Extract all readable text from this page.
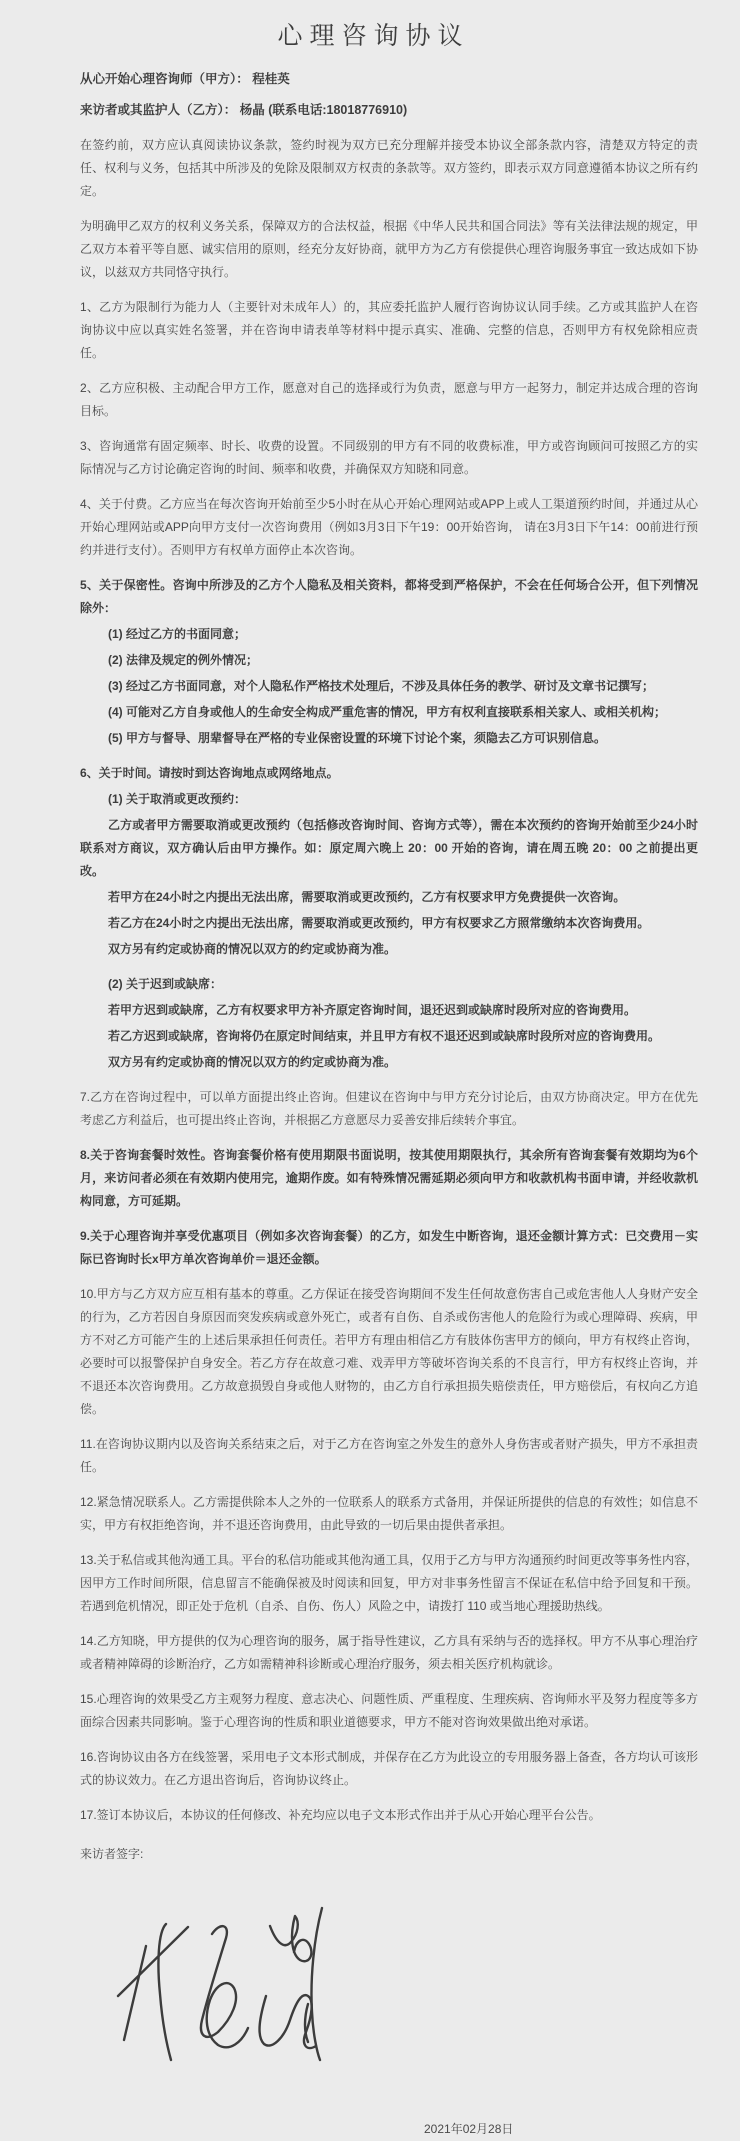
心理咨询协议

从心开始心理咨询师（甲方）： 程桂英

来访者或其监护人（乙方）： 杨晶 (联系电话:18018776910)

在签约前，双方应认真阅读协议条款，签约时视为双方已充分理解并接受本协议全部条款内容，清楚双方特定的责任、权利与义务，包括其中所涉及的免除及限制双方权责的条款等。双方签约，即表示双方同意遵循本协议之所有约定。

为明确甲乙双方的权利义务关系，保障双方的合法权益，根据《中华人民共和国合同法》等有关法律法规的规定，甲乙双方本着平等自愿、诚实信用的原则，经充分友好协商，就甲方为乙方有偿提供心理咨询服务事宜一致达成如下协议，以兹双方共同恪守执行。

1、乙方为限制行为能力人（主要针对未成年人）的，其应委托监护人履行咨询协议认同手续。乙方或其监护人在咨询协议中应以真实姓名签署，并在咨询申请表单等材料中提示真实、准确、完整的信息，否则甲方有权免除相应责任。

2、乙方应积极、主动配合甲方工作，愿意对自己的选择或行为负责，愿意与甲方一起努力，制定并达成合理的咨询目标。

3、咨询通常有固定频率、时长、收费的设置。不同级别的甲方有不同的收费标准，甲方或咨询顾问可按照乙方的实际情况与乙方讨论确定咨询的时间、频率和收费，并确保双方知晓和同意。

4、关于付费。乙方应当在每次咨询开始前至少5小时在从心开始心理网站或APP上或人工渠道预约时间，并通过从心开始心理网站或APP向甲方支付一次咨询费用（例如3月3日下午19：00开始咨询， 请在3月3日下午14：00前进行预约并进行支付）。否则甲方有权单方面停止本次咨询。

5、关于保密性。咨询中所涉及的乙方个人隐私及相关资料，都将受到严格保护，不会在任何场合公开，但下列情况除外：

(1) 经过乙方的书面同意；

(2) 法律及规定的例外情况；

(3) 经过乙方书面同意，对个人隐私作严格技术处理后，不涉及具体任务的教学、研讨及文章书记撰写；

(4) 可能对乙方自身或他人的生命安全构成严重危害的情况，甲方有权利直接联系相关家人、或相关机构；

(5) 甲方与督导、朋辈督导在严格的专业保密设置的环境下讨论个案，须隐去乙方可识别信息。

6、关于时间。请按时到达咨询地点或网络地点。

(1) 关于取消或更改预约：

乙方或者甲方需要取消或更改预约（包括修改咨询时间、咨询方式等），需在本次预约的咨询开始前至少24小时联系对方商议，双方确认后由甲方操作。如：原定周六晚上 20：00 开始的咨询，请在周五晚 20：00 之前提出更改。

若甲方在24小时之内提出无法出席，需要取消或更改预约，乙方有权要求甲方免费提供一次咨询。

若乙方在24小时之内提出无法出席，需要取消或更改预约，甲方有权要求乙方照常缴纳本次咨询费用。

双方另有约定或协商的情况以双方的约定或协商为准。

(2) 关于迟到或缺席：

若甲方迟到或缺席，乙方有权要求甲方补齐原定咨询时间，退还迟到或缺席时段所对应的咨询费用。

若乙方迟到或缺席，咨询将仍在原定时间结束，并且甲方有权不退还迟到或缺席时段所对应的咨询费用。

双方另有约定或协商的情况以双方的约定或协商为准。

7.乙方在咨询过程中，可以单方面提出终止咨询。但建议在咨询中与甲方充分讨论后，由双方协商决定。甲方在优先考虑乙方利益后，也可提出终止咨询，并根据乙方意愿尽力妥善安排后续转介事宜。

8.关于咨询套餐时效性。咨询套餐价格有使用期限书面说明，按其使用期限执行，其余所有咨询套餐有效期均为6个月，来访问者必须在有效期内使用完，逾期作废。如有特殊情况需延期必须向甲方和收款机构书面申请，并经收款机构同意，方可延期。

9.关于心理咨询并享受优惠项目（例如多次咨询套餐）的乙方，如发生中断咨询，退还金额计算方式：已交费用－实际已咨询时长x甲方单次咨询单价＝退还金额。

10.甲方与乙方双方应互相有基本的尊重。乙方保证在接受咨询期间不发生任何故意伤害自己或危害他人人身财产安全的行为，乙方若因自身原因而突发疾病或意外死亡，或者有自伤、自杀或伤害他人的危险行为或心理障碍、疾病，甲方不对乙方可能产生的上述后果承担任何责任。若甲方有理由相信乙方有肢体伤害甲方的倾向，甲方有权终止咨询，必要时可以报警保护自身安全。若乙方存在故意刁难、戏弄甲方等破坏咨询关系的不良言行，甲方有权终止咨询，并不退还本次咨询费用。乙方故意损毁自身或他人财物的，由乙方自行承担损失赔偿责任，甲方赔偿后，有权向乙方追偿。

11.在咨询协议期内以及咨询关系结束之后，对于乙方在咨询室之外发生的意外人身伤害或者财产损失，甲方不承担责任。

12.紧急情况联系人。乙方需提供除本人之外的一位联系人的联系方式备用，并保证所提供的信息的有效性；如信息不实，甲方有权拒绝咨询，并不退还咨询费用，由此导致的一切后果由提供者承担。

13.关于私信或其他沟通工具。平台的私信功能或其他沟通工具，仅用于乙方与甲方沟通预约时间更改等事务性内容，因甲方工作时间所限，信息留言不能确保被及时阅读和回复，甲方对非事务性留言不保证在私信中给予回复和干预。若遇到危机情况，即正处于危机（自杀、自伤、伤人）风险之中，请拨打 110 或当地心理援助热线。

14.乙方知晓，甲方提供的仅为心理咨询的服务，属于指导性建议，乙方具有采纳与否的选择权。甲方不从事心理治疗或者精神障碍的诊断治疗，乙方如需精神科诊断或心理治疗服务，须去相关医疗机构就诊。

15.心理咨询的效果受乙方主观努力程度、意志决心、问题性质、严重程度、生理疾病、咨询师水平及努力程度等多方面综合因素共同影响。鉴于心理咨询的性质和职业道德要求，甲方不能对咨询效果做出绝对承诺。

16.咨询协议由各方在线签署，采用电子文本形式制成，并保存在乙方为此设立的专用服务器上备查，各方均认可该形式的协议效力。在乙方退出咨询后，咨询协议终止。

17.签订本协议后，本协议的任何修改、补充均应以电子文本形式作出并于从心开始心理平台公告。

来访者签字:

2021年02月28日
